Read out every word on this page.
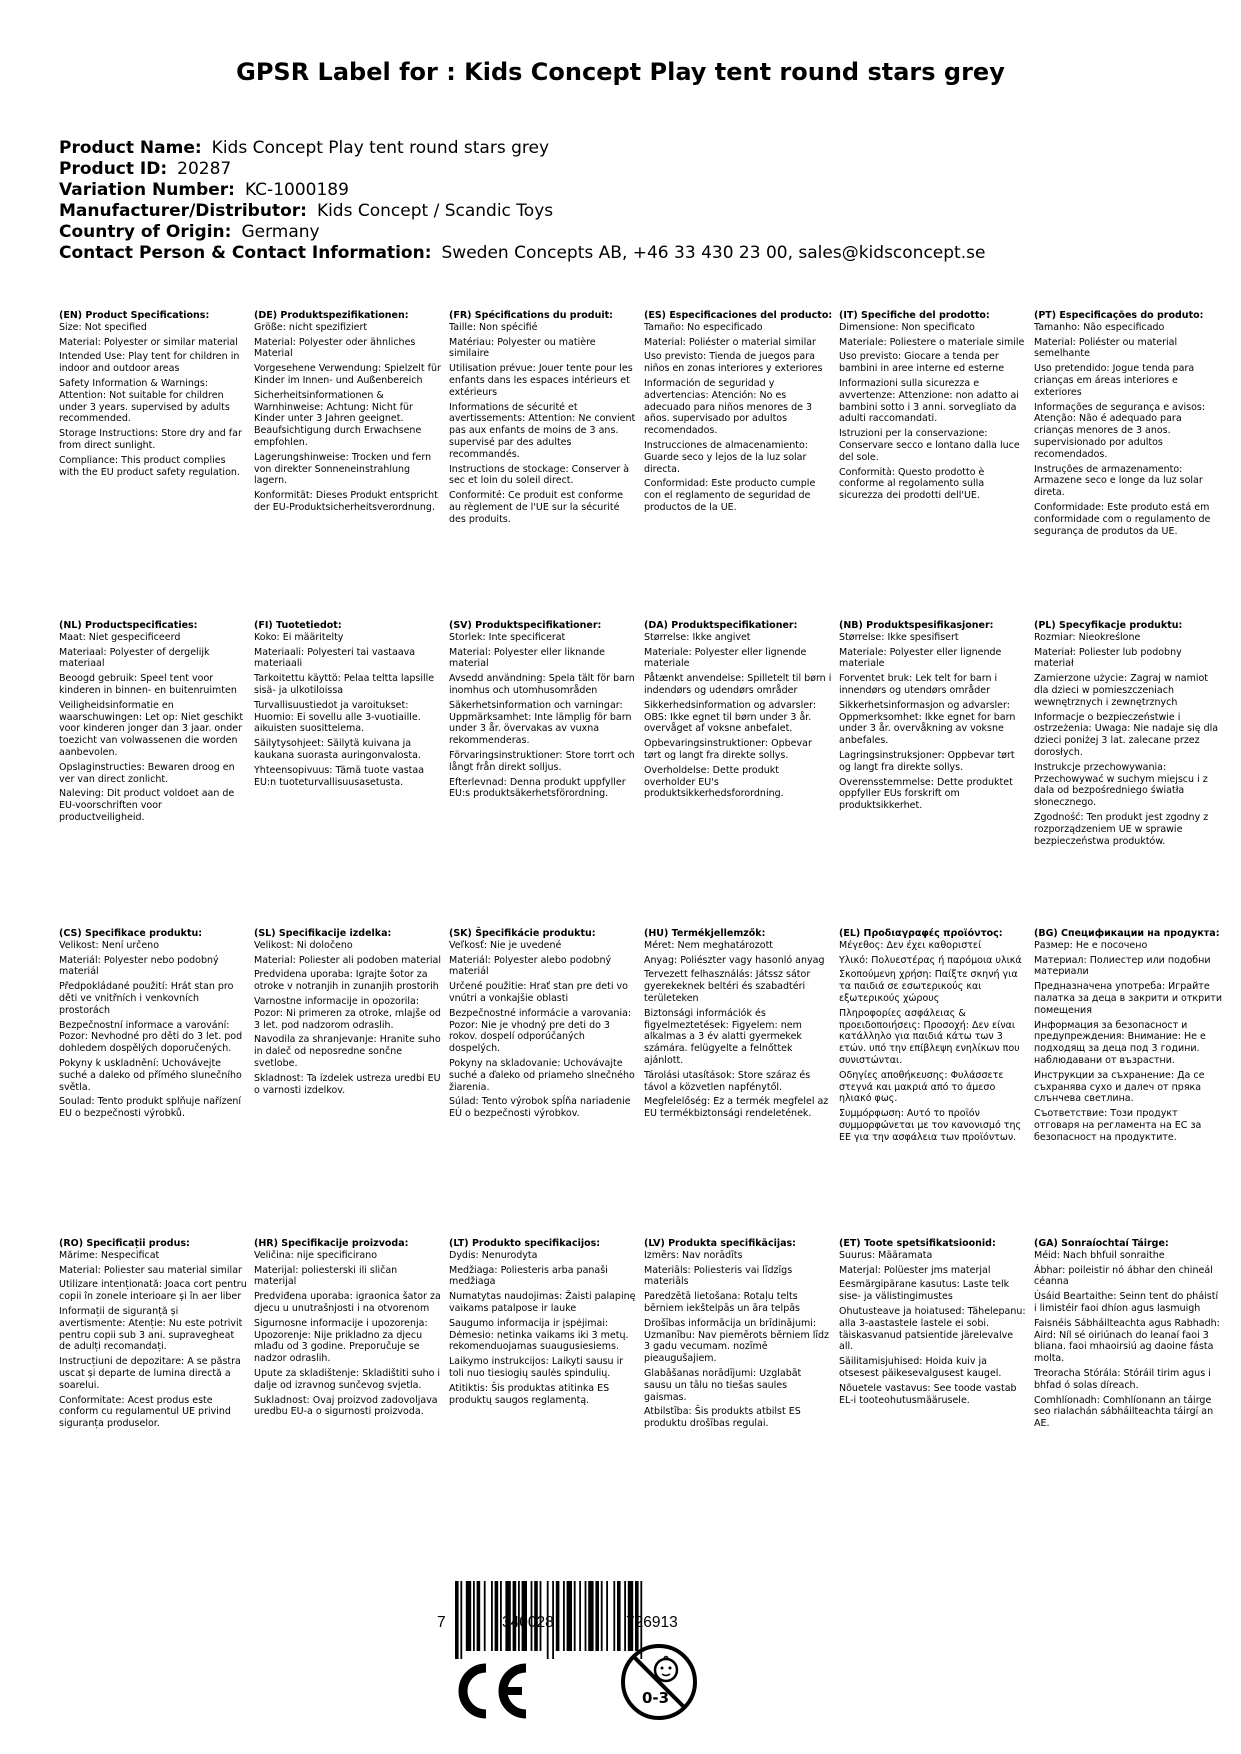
GPSR Label for : Kids Concept Play tent round stars grey
Product Name: Kids Concept Play tent round stars grey
Product ID: 20287
Variation Number: KC-1000189
Manufacturer/Distributor: Kids Concept / Scandic Toys
Country of Origin: Germany
Contact Person & Contact Information: Sweden Concepts AB, +46 33 430 23 00, sales@kidsconcept.se
(EN) Product Specifications:
Size: Not specified
Material: Polyester or similar material
Intended Use: Play tent for children in indoor and outdoor areas
Safety Information & Warnings: Attention: Not suitable for children under 3 years. supervised by adults recommended.
Storage Instructions: Store dry and far from direct sunlight.
Compliance: This product complies with the EU product safety regulation.
(DE) Produktspezifikationen:
Größe: nicht spezifiziert
Material: Polyester oder ähnliches Material
Vorgesehene Verwendung: Spielzelt für Kinder im Innen- und Außenbereich
Sicherheitsinformationen & Warnhinweise: Achtung: Nicht für Kinder unter 3 Jahren geeignet. Beaufsichtigung durch Erwachsene empfohlen.
Lagerungshinweise: Trocken und fern von direkter Sonneneinstrahlung lagern.
Konformität: Dieses Produkt entspricht der EU-Produktsicherheitsverordnung.
(FR) Spécifications du produit:
Taille: Non spécifié
Matériau: Polyester ou matière similaire
Utilisation prévue: Jouer tente pour les enfants dans les espaces intérieurs et extérieurs
Informations de sécurité et avertissements: Attention: Ne convient pas aux enfants de moins de 3 ans. supervisé par des adultes recommandés.
Instructions de stockage: Conserver à sec et loin du soleil direct.
Conformité: Ce produit est conforme au règlement de l'UE sur la sécurité des produits.
(ES) Especificaciones del producto:
Tamaño: No especificado
Material: Poliéster o material similar
Uso previsto: Tienda de juegos para niños en zonas interiores y exteriores
Información de seguridad y advertencias: Atención: No es adecuado para niños menores de 3 años. supervisado por adultos recomendados.
Instrucciones de almacenamiento: Guarde seco y lejos de la luz solar directa.
Conformidad: Este producto cumple con el reglamento de seguridad de productos de la UE.
(IT) Specifiche del prodotto:
Dimensione: Non specificato
Materiale: Poliestere o materiale simile
Uso previsto: Giocare a tenda per bambini in aree interne ed esterne
Informazioni sulla sicurezza e avvertenze: Attenzione: non adatto ai bambini sotto i 3 anni. sorvegliato da adulti raccomandati.
Istruzioni per la conservazione: Conservare secco e lontano dalla luce del sole.
Conformità: Questo prodotto è conforme al regolamento sulla sicurezza dei prodotti dell'UE.
(PT) Especificações do produto:
Tamanho: Não especificado
Material: Poliéster ou material semelhante
Uso pretendido: Jogue tenda para crianças em áreas interiores e exteriores
Informações de segurança e avisos: Atenção: Não é adequado para crianças menores de 3 anos. supervisionado por adultos recomendados.
Instruções de armazenamento: Armazene seco e longe da luz solar direta.
Conformidade: Este produto está em conformidade com o regulamento de segurança de produtos da UE.
(NL) Productspecificaties:
Maat: Niet gespecificeerd
Materiaal: Polyester of dergelijk materiaal
Beoogd gebruik: Speel tent voor kinderen in binnen- en buitenruimten
Veiligheidsinformatie en waarschuwingen: Let op: Niet geschikt voor kinderen jonger dan 3 jaar. onder toezicht van volwassenen die worden aanbevolen.
Opslaginstructies: Bewaren droog en ver van direct zonlicht.
Naleving: Dit product voldoet aan de EU-voorschriften voor productveiligheid.
(FI) Tuotetiedot:
Koko: Ei määritelty
Materiaali: Polyesteri tai vastaava materiaali
Tarkoitettu käyttö: Pelaa teltta lapsille sisä- ja ulkotiloissa
Turvallisuustiedot ja varoitukset: Huomio: Ei sovellu alle 3-vuotiaille. aikuisten suosittelema.
Säilytysohjeet: Säilytä kuivana ja kaukana suorasta auringonvalosta.
Yhteensopivuus: Tämä tuote vastaa EU:n tuoteturvallisuusasetusta.
(SV) Produktspecifikationer:
Storlek: Inte specificerat
Material: Polyester eller liknande material
Avsedd användning: Spela tält för barn inomhus och utomhusområden
Säkerhetsinformation och varningar: Uppmärksamhet: Inte lämplig för barn under 3 år. övervakas av vuxna rekommenderas.
Förvaringsinstruktioner: Store torrt och långt från direkt solljus.
Efterlevnad: Denna produkt uppfyller EU:s produktsäkerhetsförordning.
(DA) Produktspecifikationer:
Størrelse: Ikke angivet
Materiale: Polyester eller lignende materiale
Påtænkt anvendelse: Spilletelt til børn i indendørs og udendørs områder
Sikkerhedsinformation og advarsler: OBS: Ikke egnet til børn under 3 år. overvåget af voksne anbefalet.
Opbevaringsinstruktioner: Opbevar tørt og langt fra direkte sollys.
Overholdelse: Dette produkt overholder EU's produktsikkerhedsforordning.
(NB) Produktspesifikasjoner:
Størrelse: Ikke spesifisert
Materiale: Polyester eller lignende materiale
Forventet bruk: Lek telt for barn i innendørs og utendørs områder
Sikkerhetsinformasjon og advarsler: Oppmerksomhet: Ikke egnet for barn under 3 år. overvåkning av voksne anbefales.
Lagringsinstruksjoner: Oppbevar tørt og langt fra direkte sollys.
Overensstemmelse: Dette produktet oppfyller EUs forskrift om produktsikkerhet.
(PL) Specyfikacje produktu:
Rozmiar: Nieokreślone
Materiał: Poliester lub podobny materiał
Zamierzone użycie: Zagraj w namiot dla dzieci w pomieszczeniach wewnętrznych i zewnętrznych
Informacje o bezpieczeństwie i ostrzeżenia: Uwaga: Nie nadaje się dla dzieci poniżej 3 lat. zalecane przez dorosłych.
Instrukcje przechowywania: Przechowywać w suchym miejscu i z dala od bezpośredniego światła słonecznego.
Zgodność: Ten produkt jest zgodny z rozporządzeniem UE w sprawie bezpieczeństwa produktów.
(CS) Specifikace produktu:
Velikost: Není určeno
Materiál: Polyester nebo podobný materiál
Předpokládané použití: Hrát stan pro děti ve vnitřních i venkovních prostorách
Bezpečnostní informace a varování: Pozor: Nevhodné pro děti do 3 let. pod dohledem dospělých doporučených.
Pokyny k uskladnění: Uchovávejte suché a daleko od přímého slunečního světla.
Soulad: Tento produkt splňuje nařízení EU o bezpečnosti výrobků.
(SL) Specifikacije izdelka:
Velikost: Ni določeno
Material: Poliester ali podoben material
Predvidena uporaba: Igrajte šotor za otroke v notranjih in zunanjih prostorih
Varnostne informacije in opozorila: Pozor: Ni primeren za otroke, mlajše od 3 let. pod nadzorom odraslih.
Navodila za shranjevanje: Hranite suho in daleč od neposredne sončne svetlobe.
Skladnost: Ta izdelek ustreza uredbi EU o varnosti izdelkov.
(SK) Špecifikácie produktu:
Veľkosť: Nie je uvedené
Materiál: Polyester alebo podobný materiál
Určené použitie: Hrať stan pre deti vo vnútri a vonkajšie oblasti
Bezpečnostné informácie a varovania: Pozor: Nie je vhodný pre deti do 3 rokov. dospelí odporúčaných dospelých.
Pokyny na skladovanie: Uchovávajte suché a ďaleko od priameho slnečného žiarenia.
Súlad: Tento výrobok spĺňa nariadenie EÚ o bezpečnosti výrobkov.
(HU) Termékjellemzők:
Méret: Nem meghatározott
Anyag: Poliészter vagy hasonló anyag
Tervezett felhasználás: Játssz sátor gyerekeknek beltéri és szabadtéri területeken
Biztonsági információk és figyelmeztetések: Figyelem: nem alkalmas a 3 év alatti gyermekek számára. felügyelte a felnőttek ajánlott.
Tárolási utasítások: Store száraz és távol a közvetlen napfénytől.
Megfelelőség: Ez a termék megfelel az EU termékbiztonsági rendeletének.
(EL) Προδιαγραφές προϊόντος:
Μέγεθος: Δεν έχει καθοριστεί
Υλικό: Πολυεστέρας ή παρόμοια υλικά
Σκοπούμενη χρήση: Παίξτε σκηνή για τα παιδιά σε εσωτερικούς και εξωτερικούς χώρους
Πληροφορίες ασφάλειας & προειδοποιήσεις: Προσοχή: Δεν είναι κατάλληλο για παιδιά κάτω των 3 ετών. υπό την επίβλεψη ενηλίκων που συνιστώνται.
Οδηγίες αποθήκευσης: Φυλάσσετε στεγνά και μακριά από το άμεσο ηλιακό φως.
Συμμόρφωση: Αυτό το προϊόν συμμορφώνεται με τον κανονισμό της ΕΕ για την ασφάλεια των προϊόντων.
(BG) Спецификации на продукта:
Размер: Не е посочено
Материал: Полиестер или подобни материали
Предназначена употреба: Играйте палатка за деца в закрити и открити помещения
Информация за безопасност и предупреждения: Внимание: Не е подходящ за деца под 3 години. наблюдавани от възрастни.
Инструкции за съхранение: Да се съхранява сухо и далеч от пряка слънчева светлина.
Съответствие: Този продукт отговаря на регламента на ЕС за безопасност на продуктите.
(RO) Specificații produs:
Mărime: Nespecificat
Material: Poliester sau material similar
Utilizare intenționată: Joaca cort pentru copii în zonele interioare și în aer liber
Informații de siguranță și avertismente: Atenție: Nu este potrivit pentru copii sub 3 ani. supravegheat de adulți recomandați.
Instrucțiuni de depozitare: A se păstra uscat și departe de lumina directă a soarelui.
Conformitate: Acest produs este conform cu regulamentul UE privind siguranța produselor.
(HR) Specifikacije proizvoda:
Veličina: nije specificirano
Materijal: poliesterski ili sličan materijal
Predviđena uporaba: igraonica šator za djecu u unutrašnjosti i na otvorenom
Sigurnosne informacije i upozorenja: Upozorenje: Nije prikladno za djecu mlađu od 3 godine. Preporučuje se nadzor odraslih.
Upute za skladištenje: Skladištiti suho i dalje od izravnog sunčevog svjetla.
Sukladnost: Ovaj proizvod zadovoljava uredbu EU-a o sigurnosti proizvoda.
(LT) Produkto specifikacijos:
Dydis: Nenurodyta
Medžiaga: Poliesteris arba panaši medžiaga
Numatytas naudojimas: Žaisti palapinę vaikams patalpose ir lauke
Saugumo informacija ir įspėjimai: Dėmesio: netinka vaikams iki 3 metų. rekomenduojamas suaugusiesiems.
Laikymo instrukcijos: Laikyti sausu ir toli nuo tiesiogių saulės spindulių.
Atitiktis: Šis produktas atitinka ES produktų saugos reglamentą.
(LV) Produkta specifikācijas:
Izmērs: Nav norādīts
Materiāls: Poliesteris vai līdzīgs materiāls
Paredzētā lietošana: Rotaļu telts bērniem iekštelpās un āra telpās
Drošības informācija un brīdinājumi: Uzmanību: Nav piemērots bērniem līdz 3 gadu vecumam. nozīmē pieaugušajiem.
Glabāšanas norādījumi: Uzglabāt sausu un tālu no tiešas saules gaismas.
Atbilstība: Šis produkts atbilst ES produktu drošības regulai.
(ET) Toote spetsifikatsioonid:
Suurus: Määramata
Materjal: Polüester jms materjal
Eesmärgipärane kasutus: Laste telk sise- ja välistingimustes
Ohutusteave ja hoiatused: Tähelepanu: alla 3-aastastele lastele ei sobi. täiskasvanud patsientide järelevalve all.
Säilitamisjuhised: Hoida kuiv ja otsesest päikesevalgusest kaugel.
Nõuetele vastavus: See toode vastab EL-i tooteohutusmäärusele.
(GA) Sonraíochtaí Táirge:
Méid: Nach bhfuil sonraithe
Ábhar: poileistir nó ábhar den chineál céanna
Úsáid Beartaithe: Seinn tent do pháistí i limistéir faoi dhíon agus lasmuigh
Faisnéis Sábháilteachta agus Rabhadh: Aird: Níl sé oiriúnach do leanaí faoi 3 bliana. faoi mhaoirsiú ag daoine fásta molta.
Treoracha Stórála: Stóráil tirim agus i bhfad ó solas díreach.
Comhlíonadh: Comhlíonann an táirge seo rialachán sábháilteachta táirgí an AE.
7	340028	726913
0-3
